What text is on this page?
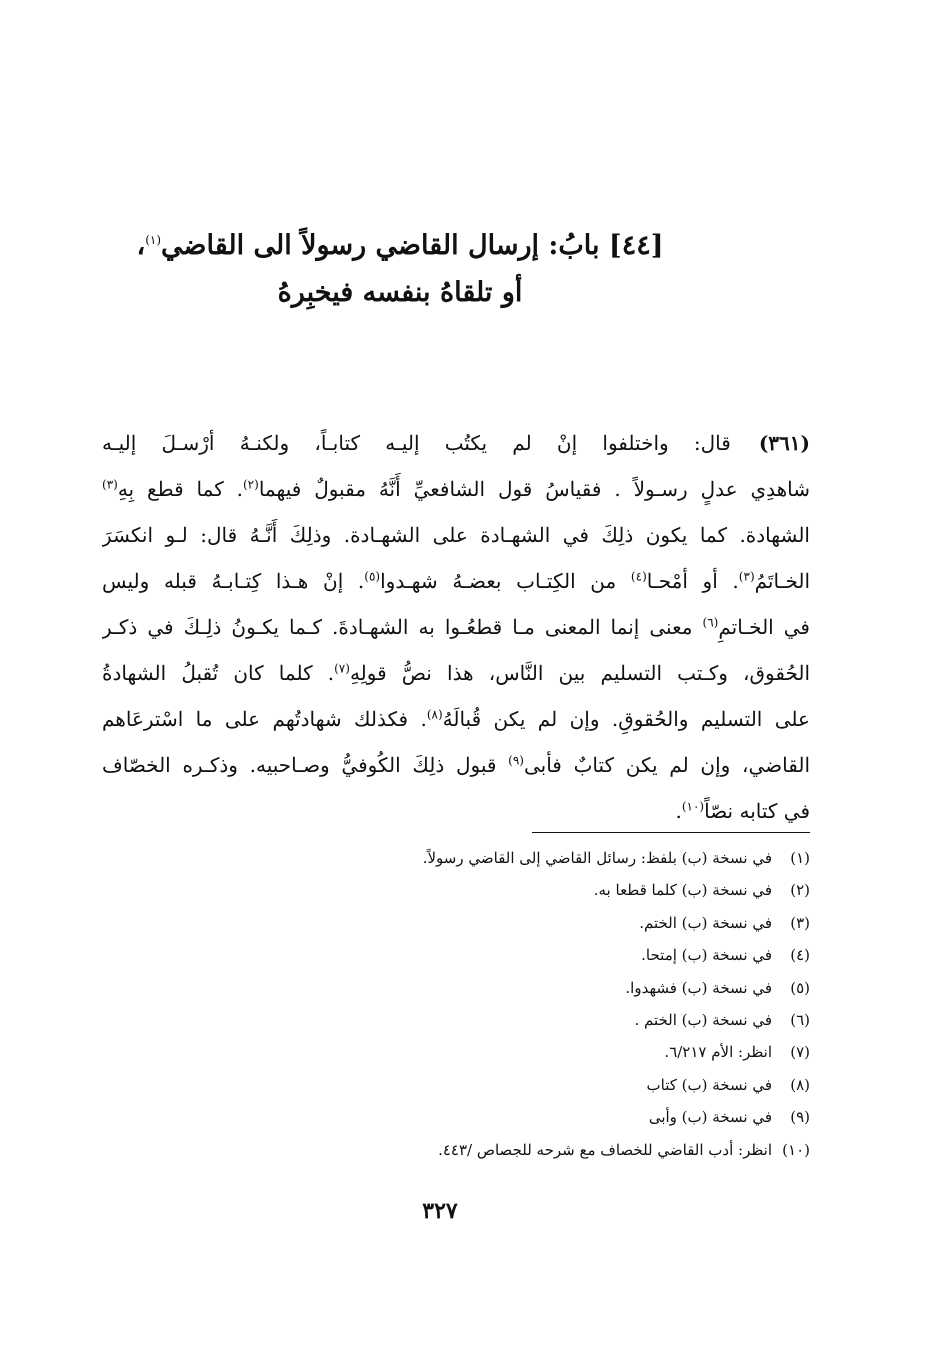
[٤٤] بابُ: إرسال القاضي رسولاً الى القاضي$^{(١)}$،
أو تلقاهُ بنفسه فيخبِرهُ
(٣٦١)قال: واختلفوا إنْ لم يكتُب إليـه كتابـاً، ولكنـهُ أرْسـلَ إليـه
شاهدِي عدلٍ رسـولاً . فقياسُ قول الشافعيِّ أَنَّهُ مقبولٌ فيهما$^{(٢)}$. كما قطع بِهِ$^{(٣)}$
الشهادة. كما يكون ذلِكَ في الشهـادة على الشهـادة. وذلِكَ أَنَّـهُ قال: لـو انكسَرَ
الخـاتَمُ$^{(٣)}$. أو أمْحـا$^{(٤)}$ من الكِتـاب بعضـهُ شهـدوا$^{(٥)}$. إنْ هـذا كِتـابـهُ قبله وليس
في الخـاتمِ$^{(٦)}$ معنى إنما المعنى مـا قطعُـوا به الشهـادةَ. كـما يكـونُ ذلِـكَ في ذكـر
الحُقوق، وكـتب التسليم بين النَّاس، هذا نصُّ قولِهِ$^{(٧)}$. كلما كان تُقبلُ الشهادةُ
على التسليم والحُقوقِ. وإن لم يكن قُبالَهُ$^{(٨)}$. فكذلك شهادتُهم على ما اسْترعَاهم
القاضي، وإن لم يكن كتابٌ فأبى$^{(٩)}$ قبول ذلِكَ الكُوفيُّ وصـاحبيه. وذكـره الخصّاف
في كتابه نصّاً$^{(١٠)}$.
(١)في نسخة (ب) بلفظ: رسائل القاضي إلى القاضي رسولاً.
(٢)في نسخة (ب) كلما قطعا به.
(٣)في نسخة (ب) الختم.
(٤)في نسخة (ب) إمتحا.
(٥)في نسخة (ب) فشهدوا.
(٦)في نسخة (ب) الختم .
(٧)انظر: الأم ٦/٢١٧.
(٨)في نسخة (ب) كتاب
(٩)في نسخة (ب) وأبى
(١٠)انظر: أدب القاضي للخصاف مع شرحه للجصاص /٤٤٣.
٣٢٧
